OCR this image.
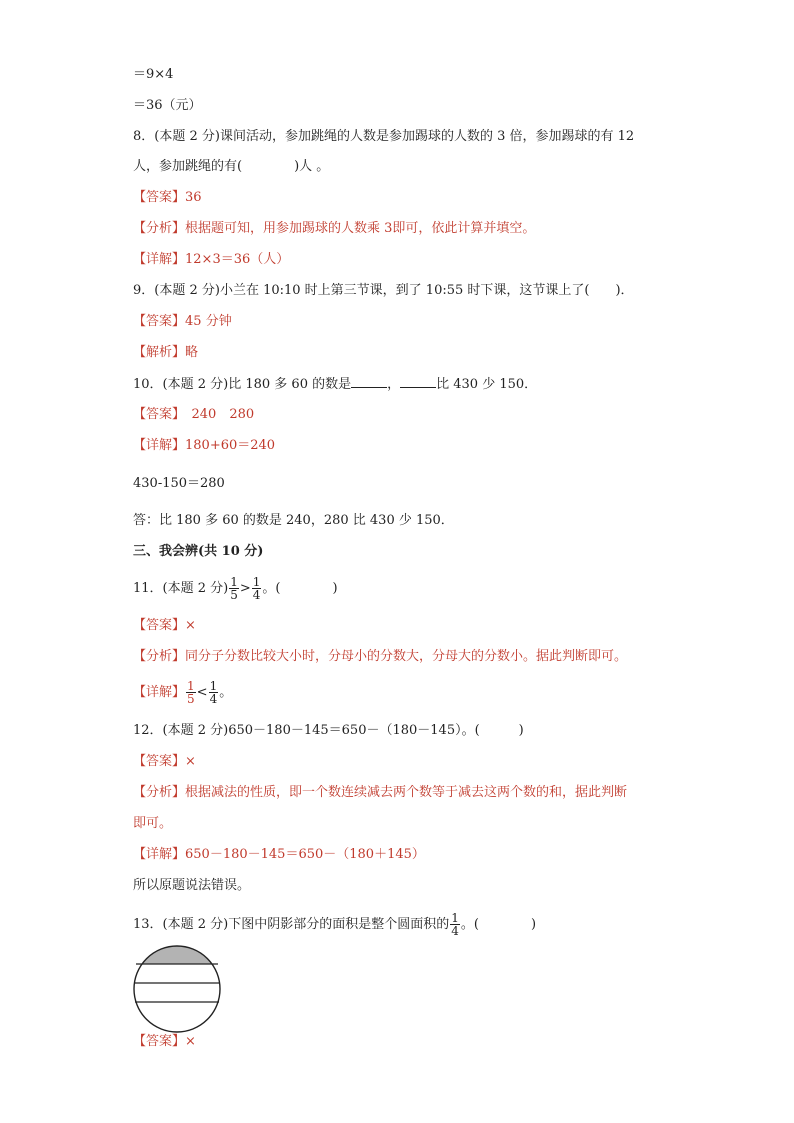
＝9×4
＝36（元）
8．(本题 2 分)课间活动，参加跳绳的人数是参加踢球的人数的 3 倍，参加踢球的有 12
人，参加跳绳的有(　　　　)人 。
【答案】36
【分析】根据题可知，用参加踢球的人数乘 3即可，依此计算并填空。
【详解】12×3＝36（人）
9．(本题 2 分)小兰在 10:10 时上第三节课，到了 10:55 时下课，这节课上了(　　)．
【答案】45 分钟
【解析】略
10．(本题 2 分)比 180 多 60 的数是	，	比 430 少 150．
【答案】　240　280
【详解】180+60＝240
430-150＝280
答：比 180 多 60 的数是 240，280 比 430 少 150．
三、我会辨(共 10 分)
11．(本题 2 分) $\frac{1}{5} > \frac{1}{4}$ 。(　　　　)
【答案】×
【分析】同分子分数比较大小时，分母小的分数大，分母大的分数小。据此判断即可。
【详解】 $\frac{1}{5} < \frac{1}{4}$ 。
12．(本题 2 分)650－180－145＝650－（180－145）。(　　　)
【答案】×
【分析】根据减法的性质，即一个数连续减去两个数等于减去这两个数的和，据此判断
即可。
【详解】650－180－145＝650－（180＋145）
所以原题说法错误。
13．(本题 2 分)下图中阴影部分的面积是整个圆面积的 $\frac{1}{4}$ 。(　　　　)
【答案】×
